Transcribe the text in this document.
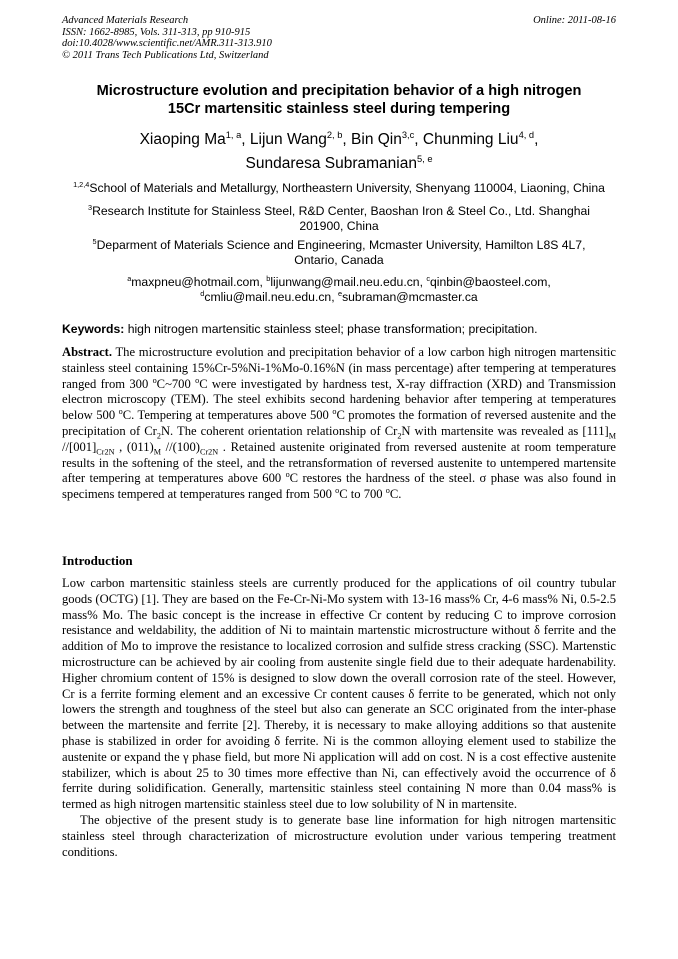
Advanced Materials Research
ISSN: 1662-8985, Vols. 311-313, pp 910-915
doi:10.4028/www.scientific.net/AMR.311-313.910
© 2011 Trans Tech Publications Ltd, Switzerland
Online: 2011-08-16
Microstructure evolution and precipitation behavior of a high nitrogen
15Cr martensitic stainless steel during tempering
Xiaoping Ma$^{1, a}$, Lijun Wang$^{2, b}$, Bin Qin$^{3,c}$, Chunming Liu$^{4, d}$,
Sundaresa Subramanian$^{5, e}$
$^{1,2,4}$School of Materials and Metallurgy, Northeastern University, Shenyang 110004, Liaoning, China
$^3$Research Institute for Stainless Steel, R&D Center, Baoshan Iron & Steel Co., Ltd. Shanghai 201900, China
$^5$Deparment of Materials Science and Engineering, Mcmaster University, Hamilton L8S 4L7, Ontario, Canada
$^a$maxpneu@hotmail.com, $^b$lijunwang@mail.neu.edu.cn, $^c$qinbin@baosteel.com,
$^d$cmliu@mail.neu.edu.cn, $^e$subraman@mcmaster.ca
Keywords: high nitrogen martensitic stainless steel; phase transformation; precipitation.

Abstract. The microstructure evolution and precipitation behavior of a low carbon high nitrogen martensitic stainless steel containing 15%Cr-5%Ni-1%Mo-0.16%N (in mass percentage) after tempering at temperatures ranged from 300 $^o$C~700 $^o$C were investigated by hardness test, X-ray diffraction (XRD) and Transmission electron microscopy (TEM). The steel exhibits second hardening behavior after tempering at temperatures below 500 $^o$C. Tempering at temperatures above 500 $^o$C promotes the formation of reversed austenite and the precipitation of $Cr_2N$. The coherent orientation relationship of $Cr_2N$ with martensite was revealed as $[111]_M$ $//[001]_{Cr2N}$ , $(011)_M$ $//(100)_{Cr2N}$ . Retained austenite originated from reversed austenite at room temperature results in the softening of the steel, and the retransformation of reversed austenite to untempered martensite after tempering at temperatures above 600 $^o$C restores the hardness of the steel. σ phase was also found in specimens tempered at temperatures ranged from 500 $^o$C to 700 $^o$C.

Introduction

Low carbon martensitic stainless steels are currently produced for the applications of oil country tubular goods (OCTG) [1]. They are based on the Fe-Cr-Ni-Mo system with 13-16 mass% Cr, 4-6 mass% Ni, 0.5-2.5 mass% Mo. The basic concept is the increase in effective Cr content by reducing C to improve corrosion resistance and weldability, the addition of Ni to maintain martenstic microstructure without δ ferrite and the addition of Mo to improve the resistance to localized corrosion and sulfide stress cracking (SSC). Martenstic microstructure can be achieved by air cooling from austenite single field due to their adequate hardenability. Higher chromium content of 15% is designed to slow down the overall corrosion rate of the steel. However, Cr is a ferrite forming element and an excessive Cr content causes δ ferrite to be generated, which not only lowers the strength and toughness of the steel but also can generate an SCC originated from the inter-phase between the martensite and ferrite [2]. Thereby, it is necessary to make alloying additions so that austenite phase is stabilized in order for avoiding δ ferrite. Ni is the common alloying element used to stabilize the austenite or expand the γ phase field, but more Ni application will add on cost. N is a cost effective austenite stabilizer, which is about 25 to 30 times more effective than Ni, can effectively avoid the occurrence of δ ferrite during solidification. Generally, martensitic stainless steel containing N more than 0.04 mass% is termed as high nitrogen martensitic stainless steel due to low solubility of N in martensite.

The objective of the present study is to generate base line information for high nitrogen martensitic stainless steel through characterization of microstructure evolution under various tempering treatment conditions.
